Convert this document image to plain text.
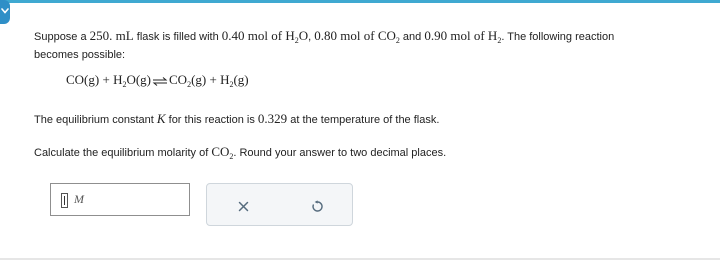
Suppose a 250. mL flask is filled with 0.40 mol of $H_2O$, 0.80 mol of $CO_2$ and 0.90 mol of $H_2$. The following reaction
becomes possible:
$CO(g) + H_2O(g)\rightleftharpoons CO_2(g) + H_2(g)$
The equilibrium constant K for this reaction is 0.329 at the temperature of the flask.
Calculate the equilibrium molarity of $CO_2$. Round your answer to two decimal places.
M
